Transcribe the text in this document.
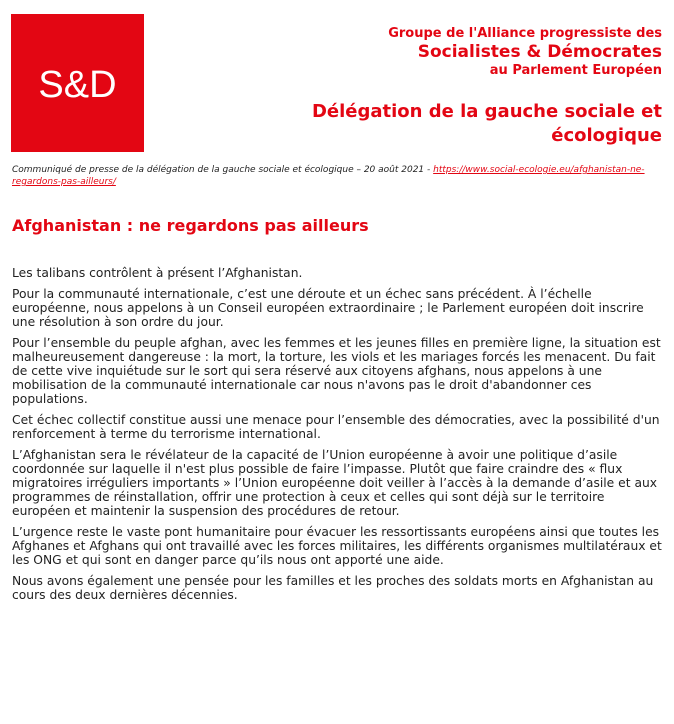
S&D
Groupe de l'Alliance progressiste des
Socialistes & Démocrates
au Parlement Européen
Délégation de la gauche sociale et écologique
Communiqué de presse de la délégation de la gauche sociale et écologique – 20 août 2021 - https://www.social-ecologie.eu/afghanistan-ne-regardons-pas-ailleurs/
Afghanistan : ne regardons pas ailleurs

Les talibans contrôlent à présent l’Afghanistan.

Pour la communauté internationale, c’est une déroute et un échec sans précédent. À l’échelle européenne, nous appelons à un Conseil européen extraordinaire ; le Parlement européen doit inscrire une résolution à son ordre du jour.

Pour l’ensemble du peuple afghan, avec les femmes et les jeunes filles en première ligne, la situation est malheureusement dangereuse : la mort, la torture, les viols et les mariages forcés les menacent. Du fait de cette vive inquiétude sur le sort qui sera réservé aux citoyens afghans, nous appelons à une mobilisation de la communauté internationale car nous n'avons pas le droit d'abandonner ces populations.

Cet échec collectif constitue aussi une menace pour l’ensemble des démocraties, avec la possibilité d'un renforcement à terme du terrorisme international.

L’Afghanistan sera le révélateur de la capacité de l’Union européenne à avoir une politique d’asile coordonnée sur laquelle il n'est plus possible de faire l’impasse. Plutôt que faire craindre des « flux migratoires irréguliers importants » l’Union européenne doit veiller à l’accès à la demande d’asile et aux programmes de réinstallation, offrir une protection à ceux et celles qui sont déjà sur le territoire européen et maintenir la suspension des procédures de retour.

L’urgence reste le vaste pont humanitaire pour évacuer les ressortissants européens ainsi que toutes les Afghanes et Afghans qui ont travaillé avec les forces militaires, les différents organismes multilatéraux et les ONG et qui sont en danger parce qu’ils nous ont apporté une aide.

Nous avons également une pensée pour les familles et les proches des soldats morts en Afghanistan au cours des deux dernières décennies.
